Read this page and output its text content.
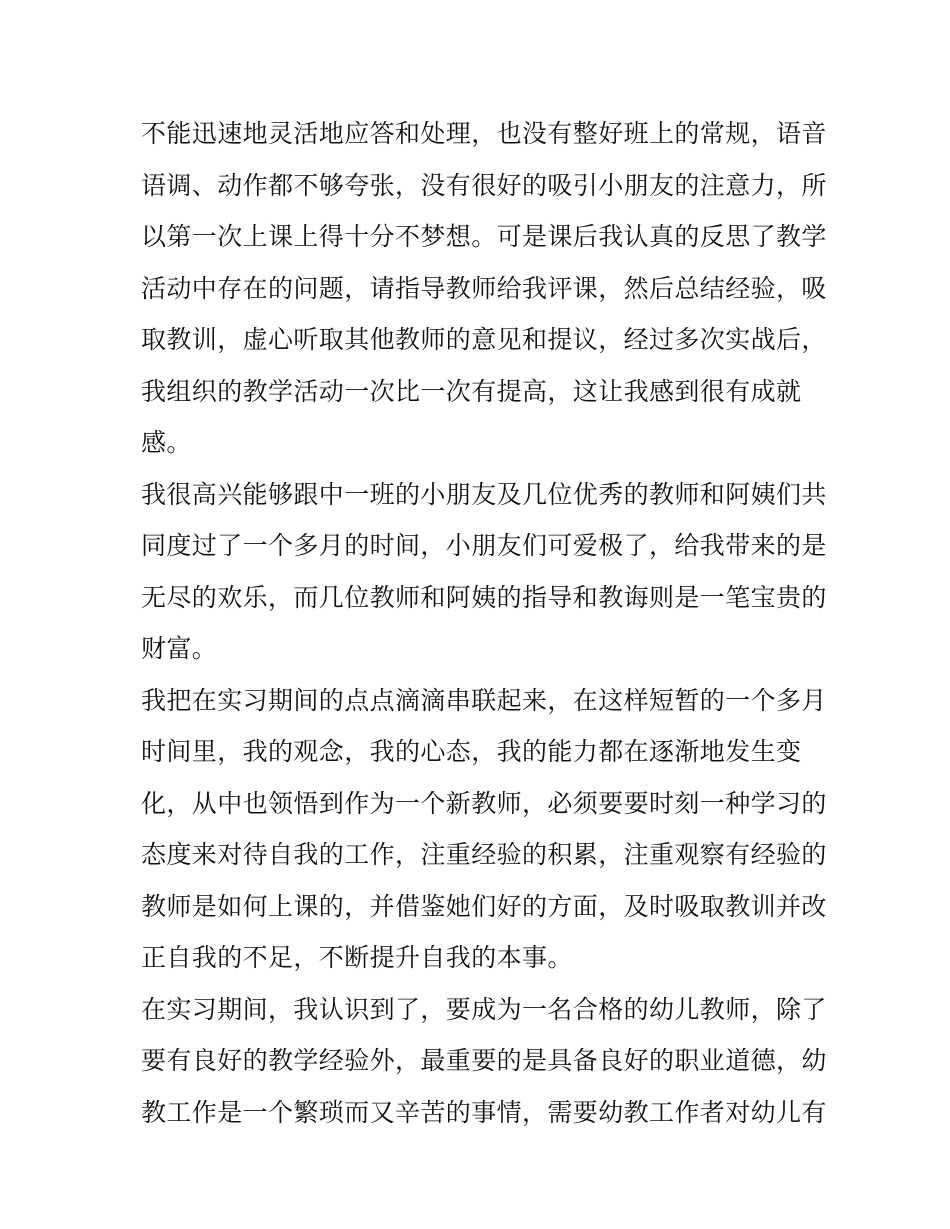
不能迅速地灵活地应答和处理，也没有整好班上的常规，语音
语调、动作都不够夸张，没有很好的吸引小朋友的注意力，所
以第一次上课上得十分不梦想。可是课后我认真的反思了教学
活动中存在的问题，请指导教师给我评课，然后总结经验，吸
取教训，虚心听取其他教师的意见和提议，经过多次实战后，
我组织的教学活动一次比一次有提高，这让我感到很有成就
感。
我很高兴能够跟中一班的小朋友及几位优秀的教师和阿姨们共
同度过了一个多月的时间，小朋友们可爱极了，给我带来的是
无尽的欢乐，而几位教师和阿姨的指导和教诲则是一笔宝贵的
财富。
我把在实习期间的点点滴滴串联起来，在这样短暂的一个多月
时间里，我的观念，我的心态，我的能力都在逐渐地发生变
化，从中也领悟到作为一个新教师，必须要要时刻一种学习的
态度来对待自我的工作，注重经验的积累，注重观察有经验的
教师是如何上课的，并借鉴她们好的方面，及时吸取教训并改
正自我的不足，不断提升自我的本事。
在实习期间，我认识到了，要成为一名合格的幼儿教师，除了
要有良好的教学经验外，最重要的是具备良好的职业道德，幼
教工作是一个繁琐而又辛苦的事情，需要幼教工作者对幼儿有
